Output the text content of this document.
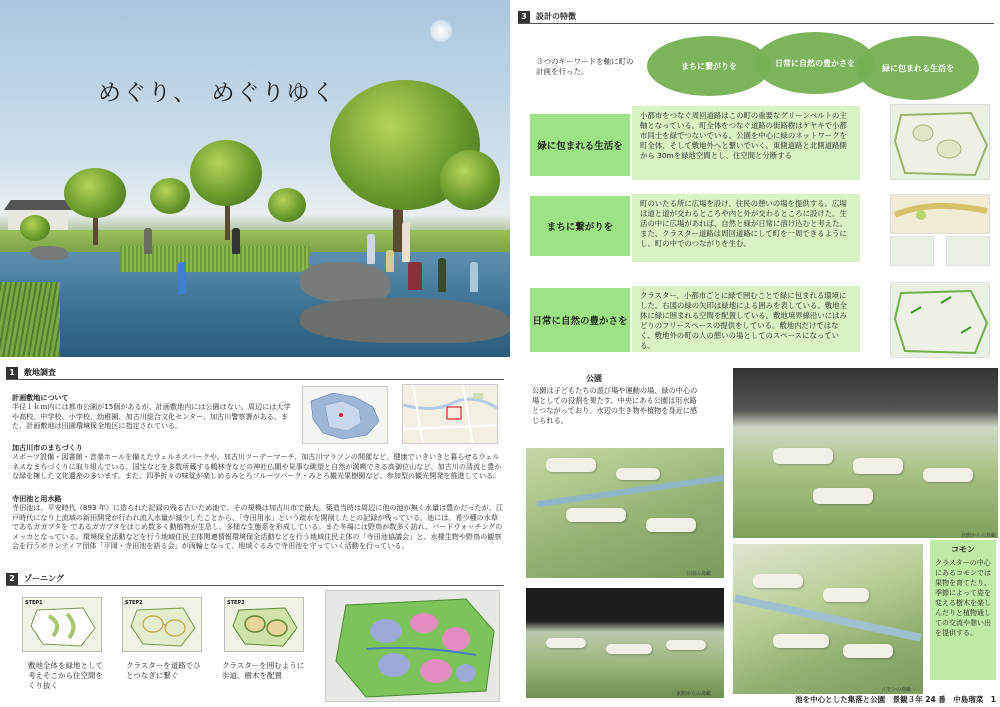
めぐり、　めぐりゆく
1	敷地調査
計画敷地について
半径１ｋｍ内には都市公園が15個があるが、計画敷地内には公園はない。周辺には大学や高校、中学校、小学校、幼稚園、加古川総合文化センター、加古川警察署がある。また、計画敷地は田園環境保全地区に指定されている。
加古川市のまちづくり
スポーツ設備・図書館・音楽ホールを備えたウェルネスパークや、加古川ツーデーマーチ、加古川マラソンの開催など、健康でいきいきと暮らせるウェルネスなまちづくりに取り組んでいる。国宝などを多数所蔵する鶴林寺などの神社仏閣や見事な眺望と自然が満喫できる高御位山など、加古川の清流と豊かな緑を擁した文化遺産の多います。また、四季折々の味覚が楽しめるみとろフルーツパーク・みとろ観光果樹園など、参加型の観光開発を推進している。
寺田池と用水路
寺田池は、平安時代（893 年）に造られた記録の残る古いため池で、その規模は加古川市で最大。築造当時は周辺に他の池が無く水量は豊かだったが、江戸時代になり上流域の新田開発が行われ流入水量が減少したことから、「寺田用水」という疏水を開削したとの記録が残っている。池には、希少種の水草であるガガブタを であるガガブタをはじめ数多く動植物が生息し、多様な生態系を形成している。また冬場には野鳥が数多く訪れ、バードウォッチングのメッカとなっている。環境保全活動などを行う地域住民主体関連情報環境保全活動などを行う地域住民主体の「寺田池協議会」と、水棲生物や野鳥の観察会を行うボランティア団体「平岡・寺田池を語る会」が両輪となって、地域ぐるみで寺田池を守っていく活動を行っている。
2	ゾーニング
STEP1	STEP2	STEP3
敷地全体を緑地として考えそこから住空間をくり抜く
クラスターを道路でひとつなぎに繋ぐ
クラスターを囲むように歩道、樹木を配置
3	設計の特徴
３つのキーワードを軸に町の計画を行った。
まちに繋がりを	日常に自然の豊かさを
緑に包まれる生活を
緑に包まれる生活を
小都市をつなぐ周回道路はこの町の重要なグリーンベルトの主軸となっている。町全体をつなぐ道路の街路樹はケヤキで小都市同士を緑でつないでいる。公園を中心に緑のネットワークを町全体、そして敷地外へと繋いでいく。東側道路と北側道路側から 30mを緑地空間とし、住空間と分断する
まちに繋がりを
町のいたる所に広場を設け、住民の憩いの場を提供する。広場は道と道が交わるところや内と外が交わるところに設けた。生活の中に広場があれば、自然と緑が日常に溶け込むと考えた。また、クラスター道路は周回道路にして町を一周できるようにし、町の中でのつながりを生む。
日常に自然の豊かさを
クラスター、小都市ごとに緑で囲むことで緑に包まれる環境にした。右図の緑の矢印は緑地による囲みを表している。敷地全体に緑に囲まれる空間を配置している。敷地境界線沿いにはみどりのフリースペースの提供をしている。敷地内だけではなく、敷地外の町の人の憩いの場としてのスペースになっている。
公園
公園は子どもたちの遊び場や運動の場、緑の中心の場としての役割を果たす。中央にある公園は用水路とつながっており、水辺の生き物や植物を身近に感じられる。
公園の鳥瞰
北側からの鳥瞰
東側からの鳥瞰
コモンの鳥瞰
コモン
クラスターの中心にあるコモンでは果物を育てたり、季節によって姿を変える樹木を楽しんだりと植物通しての交流や憩い出を提供する。
池を中心とした集落と公園　景観３年 24 番　中島瑠菜　1
